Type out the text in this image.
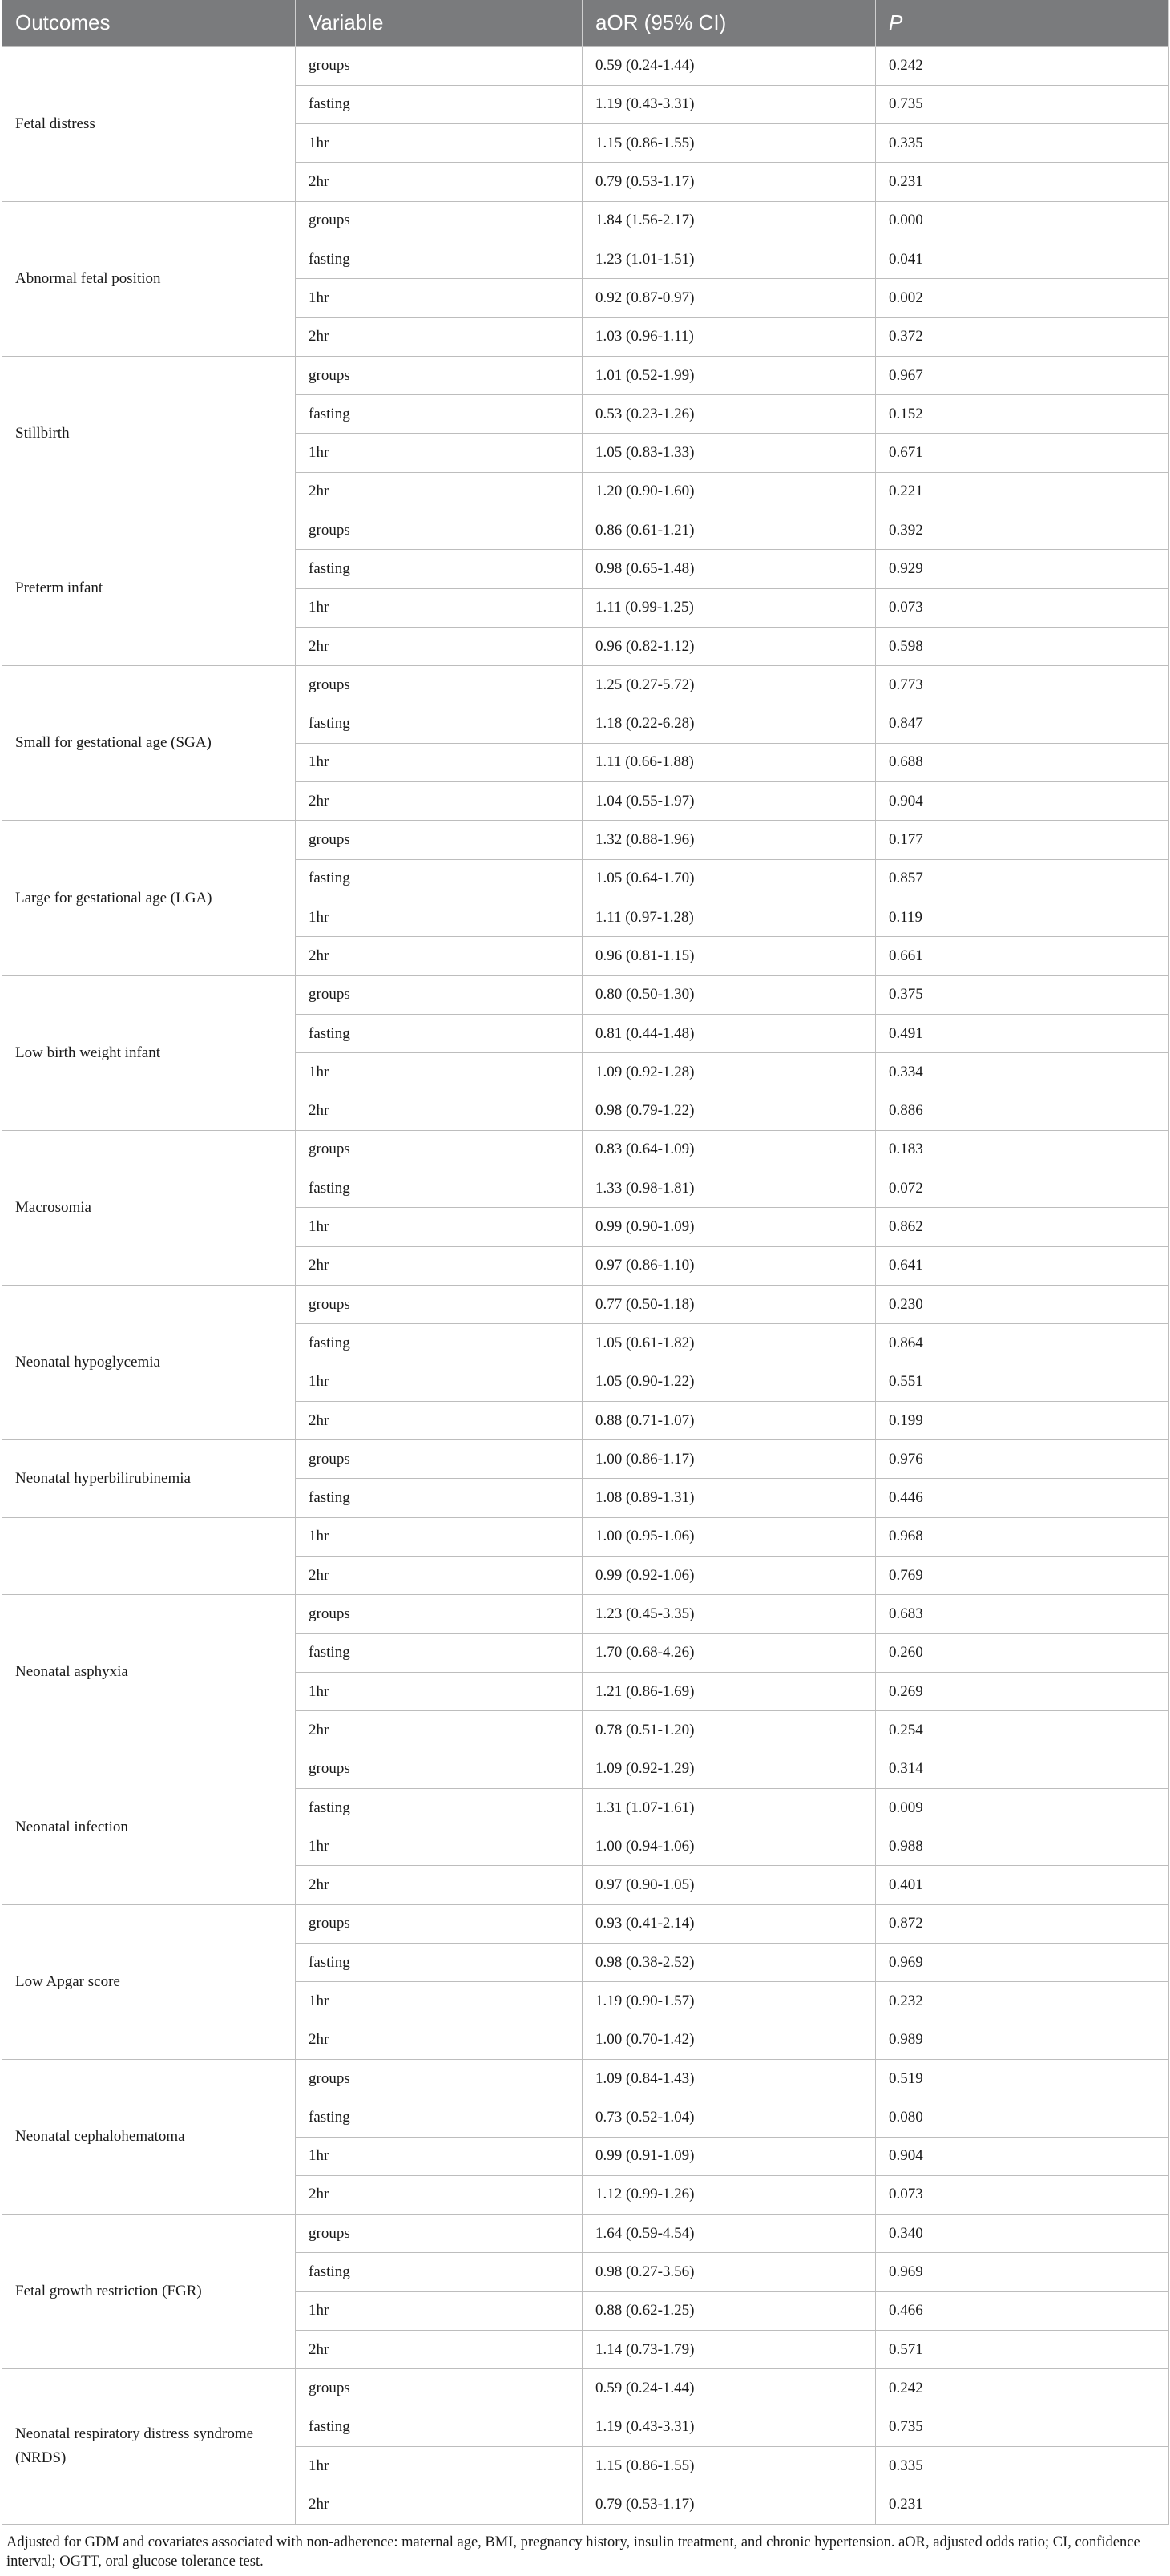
Outcomes	Variable	aOR (95% CI)	P
Fetal distress	groups	0.59 (0.24-1.44)	0.242
	fasting	1.19 (0.43-3.31)	0.735
	1hr	1.15 (0.86-1.55)	0.335
	2hr	0.79 (0.53-1.17)	0.231
Abnormal fetal position	groups	1.84 (1.56-2.17)	0.000
	fasting	1.23 (1.01-1.51)	0.041
	1hr	0.92 (0.87-0.97)	0.002
	2hr	1.03 (0.96-1.11)	0.372
Stillbirth	groups	1.01 (0.52-1.99)	0.967
	fasting	0.53 (0.23-1.26)	0.152
	1hr	1.05 (0.83-1.33)	0.671
	2hr	1.20 (0.90-1.60)	0.221
Preterm infant	groups	0.86 (0.61-1.21)	0.392
	fasting	0.98 (0.65-1.48)	0.929
	1hr	1.11 (0.99-1.25)	0.073
	2hr	0.96 (0.82-1.12)	0.598
Small for gestational age (SGA)	groups	1.25 (0.27-5.72)	0.773
	fasting	1.18 (0.22-6.28)	0.847
	1hr	1.11 (0.66-1.88)	0.688
	2hr	1.04 (0.55-1.97)	0.904
Large for gestational age (LGA)	groups	1.32 (0.88-1.96)	0.177
	fasting	1.05 (0.64-1.70)	0.857
	1hr	1.11 (0.97-1.28)	0.119
	2hr	0.96 (0.81-1.15)	0.661
Low birth weight infant	groups	0.80 (0.50-1.30)	0.375
	fasting	0.81 (0.44-1.48)	0.491
	1hr	1.09 (0.92-1.28)	0.334
	2hr	0.98 (0.79-1.22)	0.886
Macrosomia	groups	0.83 (0.64-1.09)	0.183
	fasting	1.33 (0.98-1.81)	0.072
	1hr	0.99 (0.90-1.09)	0.862
	2hr	0.97 (0.86-1.10)	0.641
Neonatal hypoglycemia	groups	0.77 (0.50-1.18)	0.230
	fasting	1.05 (0.61-1.82)	0.864
	1hr	1.05 (0.90-1.22)	0.551
	2hr	0.88 (0.71-1.07)	0.199
Neonatal hyperbilirubinemia	groups	1.00 (0.86-1.17)	0.976
	fasting	1.08 (0.89-1.31)	0.446
	1hr	1.00 (0.95-1.06)	0.968
	2hr	0.99 (0.92-1.06)	0.769
Neonatal asphyxia	groups	1.23 (0.45-3.35)	0.683
	fasting	1.70 (0.68-4.26)	0.260
	1hr	1.21 (0.86-1.69)	0.269
	2hr	0.78 (0.51-1.20)	0.254
Neonatal infection	groups	1.09 (0.92-1.29)	0.314
	fasting	1.31 (1.07-1.61)	0.009
	1hr	1.00 (0.94-1.06)	0.988
	2hr	0.97 (0.90-1.05)	0.401
Low Apgar score	groups	0.93 (0.41-2.14)	0.872
	fasting	0.98 (0.38-2.52)	0.969
	1hr	1.19 (0.90-1.57)	0.232
	2hr	1.00 (0.70-1.42)	0.989
Neonatal cephalohematoma	groups	1.09 (0.84-1.43)	0.519
	fasting	0.73 (0.52-1.04)	0.080
	1hr	0.99 (0.91-1.09)	0.904
	2hr	1.12 (0.99-1.26)	0.073
Fetal growth restriction (FGR)	groups	1.64 (0.59-4.54)	0.340
	fasting	0.98 (0.27-3.56)	0.969
	1hr	0.88 (0.62-1.25)	0.466
	2hr	1.14 (0.73-1.79)	0.571
Neonatal respiratory distress syndrome (NRDS)	groups	0.59 (0.24-1.44)	0.242
	fasting	1.19 (0.43-3.31)	0.735
	1hr	1.15 (0.86-1.55)	0.335
	2hr	0.79 (0.53-1.17)	0.231
Adjusted for GDM and covariates associated with non-adherence: maternal age, BMI, pregnancy history, insulin treatment, and chronic hypertension. aOR, adjusted odds ratio; CI, confidence interval; OGTT, oral glucose tolerance test.
